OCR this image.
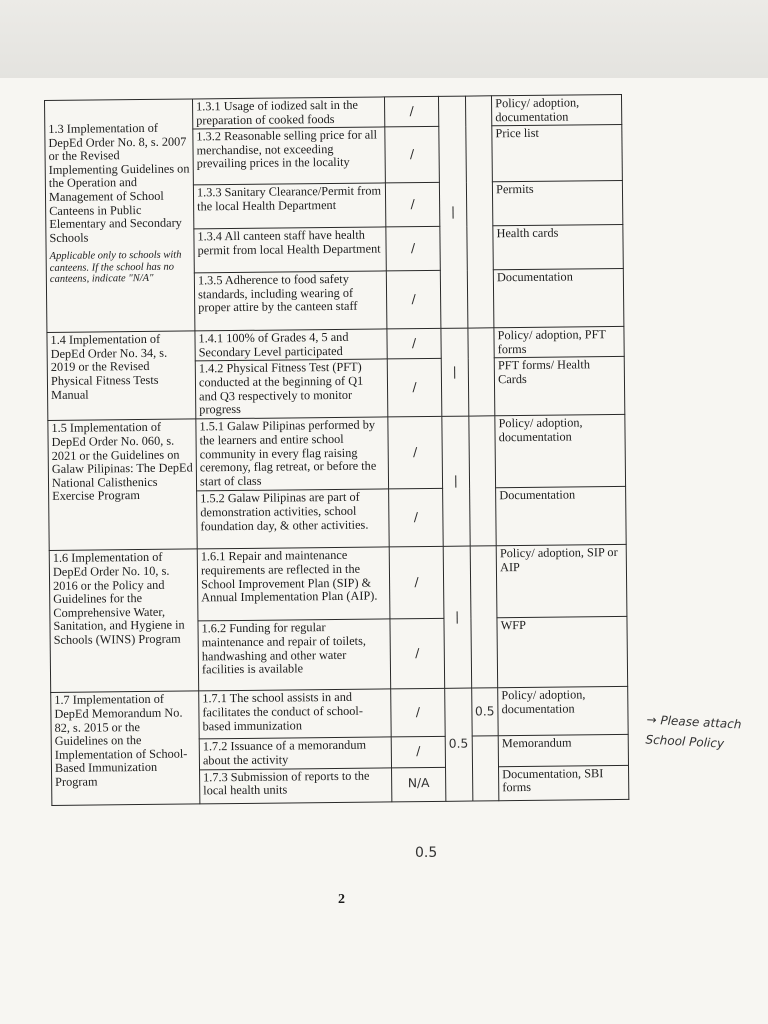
1.3 Implementation of DepEd Order No. 8, s. 2007 or the Revised Implementing Guidelines on the Operation and Management of School Canteens in Public Elementary and Secondary Schools
Applicable only to schools with canteens. If the school has no canteens, indicate "N/A"	1.3.1 Usage of iodized salt in the preparation of cooked foods	/	|		Policy/ adoption, documentation
	1.3.2 Reasonable selling price for all merchandise, not exceeding prevailing prices in the locality	/			Price list
	1.3.3 Sanitary Clearance/Permit from the local Health Department	/			Permits
	1.3.4 All canteen staff have health permit from local Health Department	/			Health cards
	1.3.5 Adherence to food safety standards, including wearing of proper attire by the canteen staff	/			Documentation
1.4 Implementation of DepEd Order No. 34, s. 2019 or the Revised Physical Fitness Tests Manual	1.4.1 100% of Grades 4, 5 and Secondary Level participated	/	|		Policy/ adoption, PFT forms
	1.4.2 Physical Fitness Test (PFT) conducted at the beginning of Q1 and Q3 respectively to monitor progress	/			PFT forms/ Health Cards
1.5 Implementation of DepEd Order No. 060, s. 2021 or the Guidelines on Galaw Pilipinas: The DepEd National Calisthenics Exercise Program	1.5.1 Galaw Pilipinas performed by the learners and entire school community in every flag raising ceremony, flag retreat, or before the start of class	/	|		Policy/ adoption, documentation
	1.5.2 Galaw Pilipinas are part of demonstration activities, school foundation day, & other activities.	/			Documentation
1.6 Implementation of DepEd Order No. 10, s. 2016 or the Policy and Guidelines for the Comprehensive Water, Sanitation, and Hygiene in Schools (WINS) Program	1.6.1 Repair and maintenance requirements are reflected in the School Improvement Plan (SIP) & Annual Implementation Plan (AIP).	/	|		Policy/ adoption, SIP or AIP
	1.6.2 Funding for regular maintenance and repair of toilets, handwashing and other water facilities is available	/			WFP
1.7 Implementation of DepEd Memorandum No. 82, s. 2015 or the Guidelines on the Implementation of School-Based Immunization Program	1.7.1 The school assists in and facilitates the conduct of school-based immunization	/	0.5	0.5	Policy/ adoption, documentation
	1.7.2 Issuance of a memorandum about the activity	/			Memorandum
	1.7.3 Submission of reports to the local health units	N/A			Documentation, SBI forms
→ Please attach
School Policy
0.5
2
